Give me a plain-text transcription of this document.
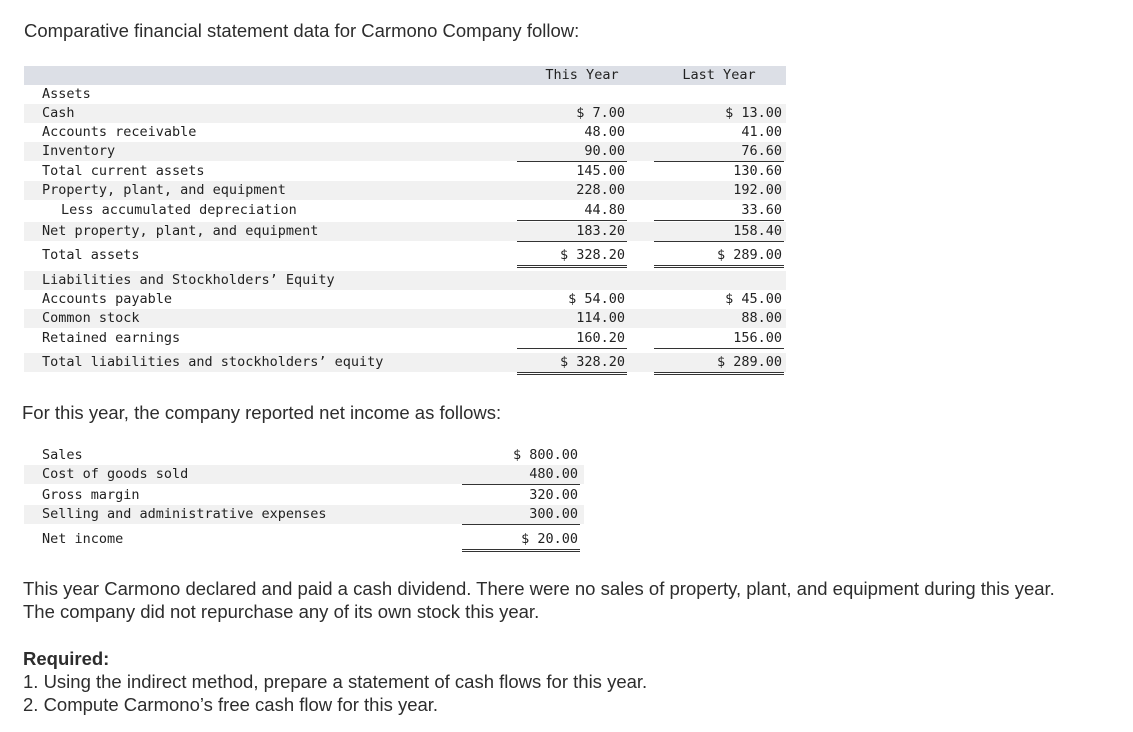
Comparative financial statement data for Carmono Company follow:

This Year	Last Year
Assets
Cash	$ 7.00	$ 13.00
Accounts receivable	48.00	41.00
Inventory	90.00	76.60
Total current assets	145.00	130.60
Property, plant, and equipment	228.00	192.00
Less accumulated depreciation	44.80	33.60
Net property, plant, and equipment	183.20	158.40
Total assets	$ 328.20	$ 289.00
Liabilities and Stockholders’ Equity
Accounts payable	$ 54.00	$ 45.00
Common stock	114.00	88.00
Retained earnings	160.20	156.00
Total liabilities and stockholders’ equity	$ 328.20	$ 289.00

For this year, the company reported net income as follows:

Sales	$ 800.00
Cost of goods sold	480.00
Gross margin	320.00
Selling and administrative expenses	300.00
Net income	$ 20.00
This year Carmono declared and paid a cash dividend. There were no sales of property, plant, and equipment during this year.
The company did not repurchase any of its own stock this year.
Required:
1. Using the indirect method, prepare a statement of cash flows for this year.
2. Compute Carmono’s free cash flow for this year.
